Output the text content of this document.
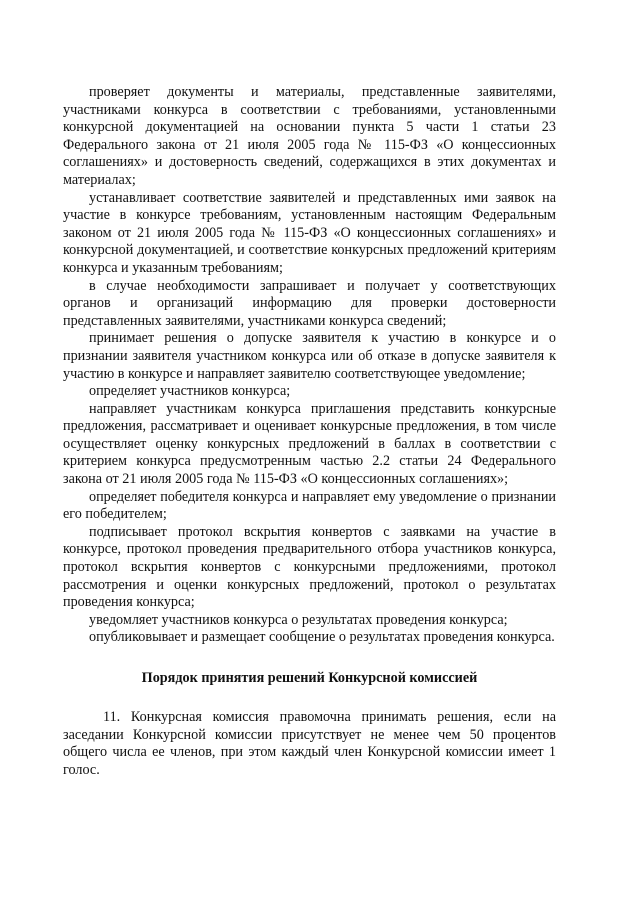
проверяет документы и материалы, представленные заявителями, участниками конкурса в соответствии с требованиями, установленными конкурсной документацией на основании пункта 5 части 1 статьи 23 Федерального закона от 21 июля 2005 года № 115-ФЗ «О концессионных соглашениях» и достоверность сведений, содержащихся в этих документах и материалах;

устанавливает соответствие заявителей и представленных ими заявок на участие в конкурсе требованиям, установленным настоящим Федеральным законом от 21 июля 2005 года № 115-ФЗ «О концессионных соглашениях» и конкурсной документацией, и соответствие конкурсных предложений критериям конкурса и указанным требованиям;

в случае необходимости запрашивает и получает у соответствующих органов и организаций информацию для проверки достоверности представленных заявителями, участниками конкурса сведений;

принимает решения о допуске заявителя к участию в конкурсе и о признании заявителя участником конкурса или об отказе в допуске заявителя к участию в конкурсе и направляет заявителю соответствующее уведомление;

определяет участников конкурса;

направляет участникам конкурса приглашения представить конкурсные предложения, рассматривает и оценивает конкурсные предложения, в том числе осуществляет оценку конкурсных предложений в баллах в соответствии с критерием конкурса предусмотренным частью 2.2 статьи 24 Федерального закона от 21 июля 2005 года № 115-ФЗ «О концессионных соглашениях»;

определяет победителя конкурса и направляет ему уведомление о признании его победителем;

подписывает протокол вскрытия конвертов с заявками на участие в конкурсе, протокол проведения предварительного отбора участников конкурса, протокол вскрытия конвертов с конкурсными предложениями, протокол рассмотрения и оценки конкурсных предложений, протокол о результатах проведения конкурса;

уведомляет участников конкурса о результатах проведения конкурса;

опубликовывает и размещает сообщение о результатах проведения конкурса.

Порядок принятия решений Конкурсной комиссией

11. Конкурсная комиссия правомочна принимать решения, если на заседании Конкурсной комиссии присутствует не менее чем 50 процентов общего числа ее членов, при этом каждый член Конкурсной комиссии имеет 1 голос.
